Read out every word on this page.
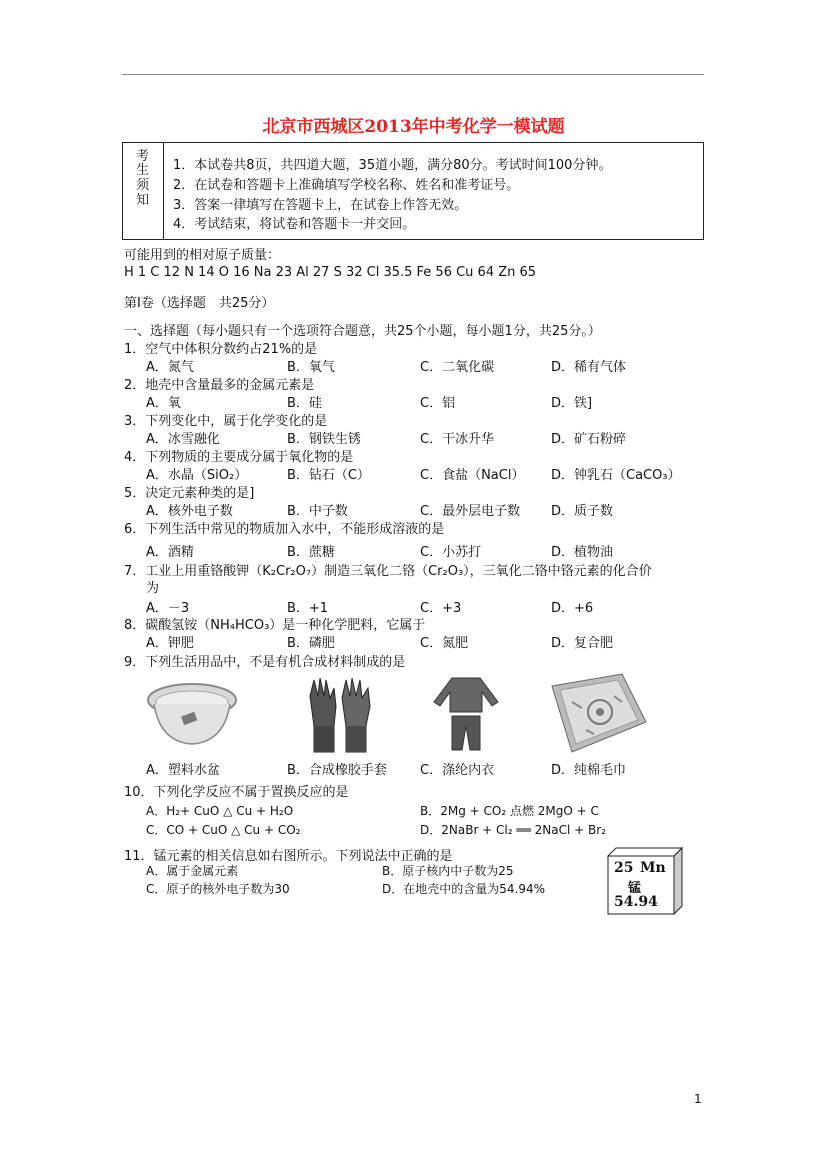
北京市西城区2013年中考化学一模试题
考
生
须
知
1．本试卷共8页，共四道大题，35道小题，满分80分。考试时间100分钟。
2．在试卷和答题卡上准确填写学校名称、姓名和准考证号。
3．答案一律填写在答题卡上，在试卷上作答无效。
4．考试结束，将试卷和答题卡一并交回。
可能用到的相对原子质量：
H 1 C 12 N 14 O 16 Na 23 Al 27 S 32 Cl 35.5 Fe 56 Cu 64 Zn 65
第Ⅰ卷（选择题　共25分）
一、选择题（每小题只有一个选项符合题意，共25个小题，每小题1分，共25分。）
1．空气中体积分数约占21%的是
A．氮气	B．氧气	C．二氧化碳	D．稀有气体
2．地壳中含量最多的金属元素是
A．氧	B．硅	C．铝	D．铁]
3．下列变化中，属于化学变化的是
A．冰雪融化	B．钢铁生锈	C．干冰升华	D．矿石粉碎
4．下列物质的主要成分属于氧化物的是
A．水晶（SiO₂）	B．钻石（C）	C．食盐（NaCl） D．钟乳石（CaCO₃）
5．决定元素种类的是]
A．核外电子数	B．中子数	C．最外层电子数 D．质子数
6．下列生活中常见的物质加入水中，不能形成溶液的是
A．酒精	B．蔗糖	C．小苏打	D．植物油
7．工业上用重铬酸钾（K₂Cr₂O₇）制造三氧化二铬（Cr₂O₃），三氧化二铬中铬元素的化合价
为
A．－3	B．+1	C．+3	D．+6
8．碳酸氢铵（NH₄HCO₃）是一种化学肥料，它属于
A．钾肥	B．磷肥	C．氮肥	D．复合肥
9．下列生活用品中，不是有机合成材料制成的是
A．塑料水盆	B．合成橡胶手套	C．涤纶内衣	D．纯棉毛巾
10．下列化学反应不属于置换反应的是
A．H₂+ CuO △ Cu + H₂O	B．2Mg + CO₂ 点燃 2MgO + C
C．CO + CuO △ Cu + CO₂	D．2NaBr + Cl₂ ══ 2NaCl + Br₂
11．锰元素的相关信息如右图所示。下列说法中正确的是
A．属于金属元素	B．原子核内中子数为25
C．原子的核外电子数为30	D．在地壳中的含量为54.94%
25 Mn
锰
54.94
1
